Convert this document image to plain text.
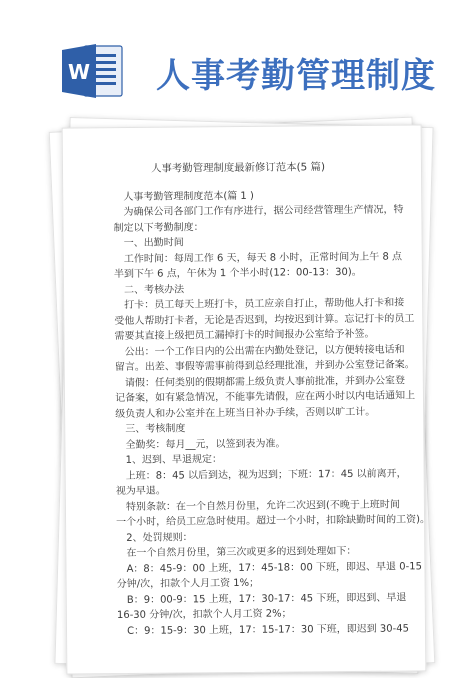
W 人事考勤管理制度
人事考勤管理制度最新修订范本(5 篇)
人事考勤管理制度范本(篇 1 )
为确保公司各部门工作有序进行，据公司经营管理生产情况，特
制定以下考勤制度：
一、出勤时间
工作时间：每周工作 6 天，每天 8 小时，正常时间为上午 8 点
半到下午 6 点，午休为 1 个半小时(12：00-13：30)。
二、考核办法
打卡：员工每天上班打卡，员工应亲自打止，帮助他人打卡和接
受他人帮助打卡者，无论是否迟到，均按迟到计算。忘记打卡的员工
需要其直接上级把员工漏掉打卡的时间报办公室给予补签。
公出：一个工作日内的公出需在内勤处登记，以方便转接电话和
留言。出差、事假等需事前得到总经理批准，并到办公室登记备案。
请假：任何类别的假期都需上级负责人事前批准，并到办公室登
记备案，如有紧急情况，不能事先请假，应在两小时以内电话通知上
级负责人和办公室并在上班当日补办手续，否则以旷工计。
三、考核制度
全勤奖：每月__元，以签到表为准。
1、迟到、早退规定：
上班：8：45 以后到达，视为迟到；下班：17：45 以前离开，
视为早退。
特别条款：在一个自然月份里，允许二次迟到(不晚于上班时间
一个小时，给员工应急时使用。超过一个小时，扣除缺勤时间的工资)。
2、处罚规则：
在一个自然月份里，第三次或更多的迟到处理如下：
A：8：45-9：00 上班，17：45-18：00 下班，即迟、早退 0-15
分钟/次，扣款个人月工资 1%；
B：9：00-9：15 上班，17：30-17：45 下班，即迟到、早退
16-30 分钟/次，扣款个人月工资 2%；
C：9：15-9：30 上班，17：15-17：30 下班，即迟到 30-45
